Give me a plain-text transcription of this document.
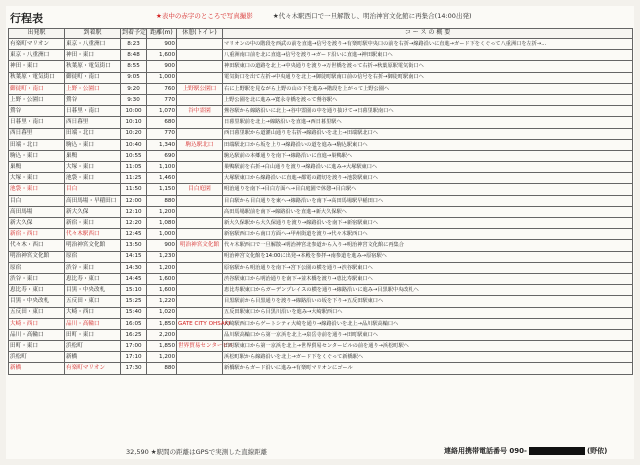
行程表	★表中の赤字のところで写真撮影	★代々木駅西口で一旦解散し、明治神宮文化館に再集合(14:00出発)
出発駅	到着駅	到着予定	距離(m)	休憩(トイレ)	コ ー ス の 概 要
有楽町マリオン	東京・八重洲口	8:23	900		マリオンの中の階段を西武の前を直進→信号を渡り→有楽町駅中央口の前を右折→線路沿いに直進→ガード下をくぐって八重洲口を左折→...
東京・八重洲口	神田・東口	8:48	1,600		八重洲南口前を北に直進→信号を渡り→ガード沿いに直進→神田駅東口へ
神田・東口	秋葉原・電気街口	8:55	900		神田駅東口の道路を北上→中央通りを渡り→万世橋を渡って右折→秋葉原駅電気街口へ
秋葉原・電気街口	御徒町・南口	9:05	1,000		電気街口を出て左折→中央通りを北上→御徒町駅南口前の信号を右折→御徒町駅南口へ
御徒町・南口	上野・公園口	9:20	760	上野駅公園口	右に上野駅を見ながら上野の山の下を進み→階段を上がって上野公園へ
上野・公園口	鶯谷	9:30	770		上野公園を北に進み→寛永寺橋を渡って鶯谷駅へ
鶯谷	日暮里・南口	10:00	1,070	谷中霊園	鶯谷駅から線路沿いに北上→谷中霊園の中を通り抜けて→日暮里駅南口へ
日暮里・南口	西日暮里	10:10	680		日暮里駅前を北上→線路沿いを直進→西日暮里駅へ
西日暮里	田端・北口	10:20	770		西日暮里駅から道灌山通りを右折→線路沿いを北上→田端駅北口へ
田端・北口	駒込・東口	10:40	1,340	駒込駅北口	田端駅北口から坂を上り→線路沿いの道を進み→駒込駅東口へ
駒込・東口	巣鴨	10:55	690		駒込駅前の本郷通りを南下→線路沿いに直進→巣鴨駅へ
巣鴨	大塚・東口	11:05	1,100		巣鴨駅前を右折→白山通りを渡り→線路沿いに進み→大塚駅東口へ
大塚・東口	池袋・東口	11:25	1,460		大塚駅東口から線路沿いに直進→都電の踏切を渡り→池袋駅東口へ
池袋・東口	目白	11:50	1,150	目白庭園	明治通りを南下→目白方面へ→目白庭園で休憩→目白駅へ
目白	高田馬場・早稲田口	12:00	880		目白駅から目白通りを東へ→線路沿いを南下→高田馬場駅早稲田口へ
高田馬場	新大久保	12:10	1,200		高田馬場駅前を南下→線路沿いを直進→新大久保駅へ
新大久保	新宿・東口	12:20	1,080		新大久保駅から大久保通りを渡り→線路沿いを南下→新宿駅東口へ
新宿・西口	代々木駅西口	12:45	1,000		新宿駅西口から南口方面へ→甲州街道を渡り→代々木駅西口へ
代々木・西口	明治神宮文化館	13:50	900	明治神宮文化館	代々木駅西口で一旦解散→明治神宮北参道から入り→明治神宮文化館に再集合
明治神宮文化館	原宿	14:15	1,230		明治神宮文化館を14:00に出発→本殿を参拝→南参道を進み→原宿駅へ
原宿	渋谷・東口	14:30	1,200		原宿駅から明治通りを南下→宮下公園の横を通り→渋谷駅東口へ
渋谷・東口	恵比寿・東口	14:45	1,600		渋谷駅東口から明治通りを南下→並木橋を渡り→恵比寿駅東口へ
恵比寿・東口	目黒・中央改札	15:10	1,600		恵比寿駅東口からガーデンプレイスの横を通り→線路沿いに進み→目黒駅中央改札へ
目黒・中央改札	五反田・東口	15:25	1,220		目黒駅前から目黒通りを渡り→線路沿いの坂を下り→五反田駅東口へ
五反田・東口	大崎・西口	15:40	1,020		五反田駅東口から目黒川沿いを進み→大崎駅西口へ
大崎・西口	品川・高輪口	16:05	1,850	GATE CITY OHSAKI	大崎駅西口からゲートシティ大崎を通り→線路沿いを北上→品川駅高輪口へ
品川・高輪口	田町・東口	16:25	2,200		品川駅高輪口から第一京浜を北上→泉岳寺前を通り→田町駅東口へ
田町・東口	浜松町	17:00	1,850	世界貿易センタービル	田町駅東口から第一京浜を北上→世界貿易センタービルの前を通り→浜松町駅へ
浜松町	新橋	17:10	1,200		浜松町駅から線路沿いを北上→ガード下をくぐって新橋駅へ
新橋	有楽町マリオン	17:30	880		新橋駅からガード沿いに進み→有楽町マリオンにゴール
32,590 ★駅間の距離はGPSで実測した直線距離	連絡用携帯電話番号 090-	(野依)
